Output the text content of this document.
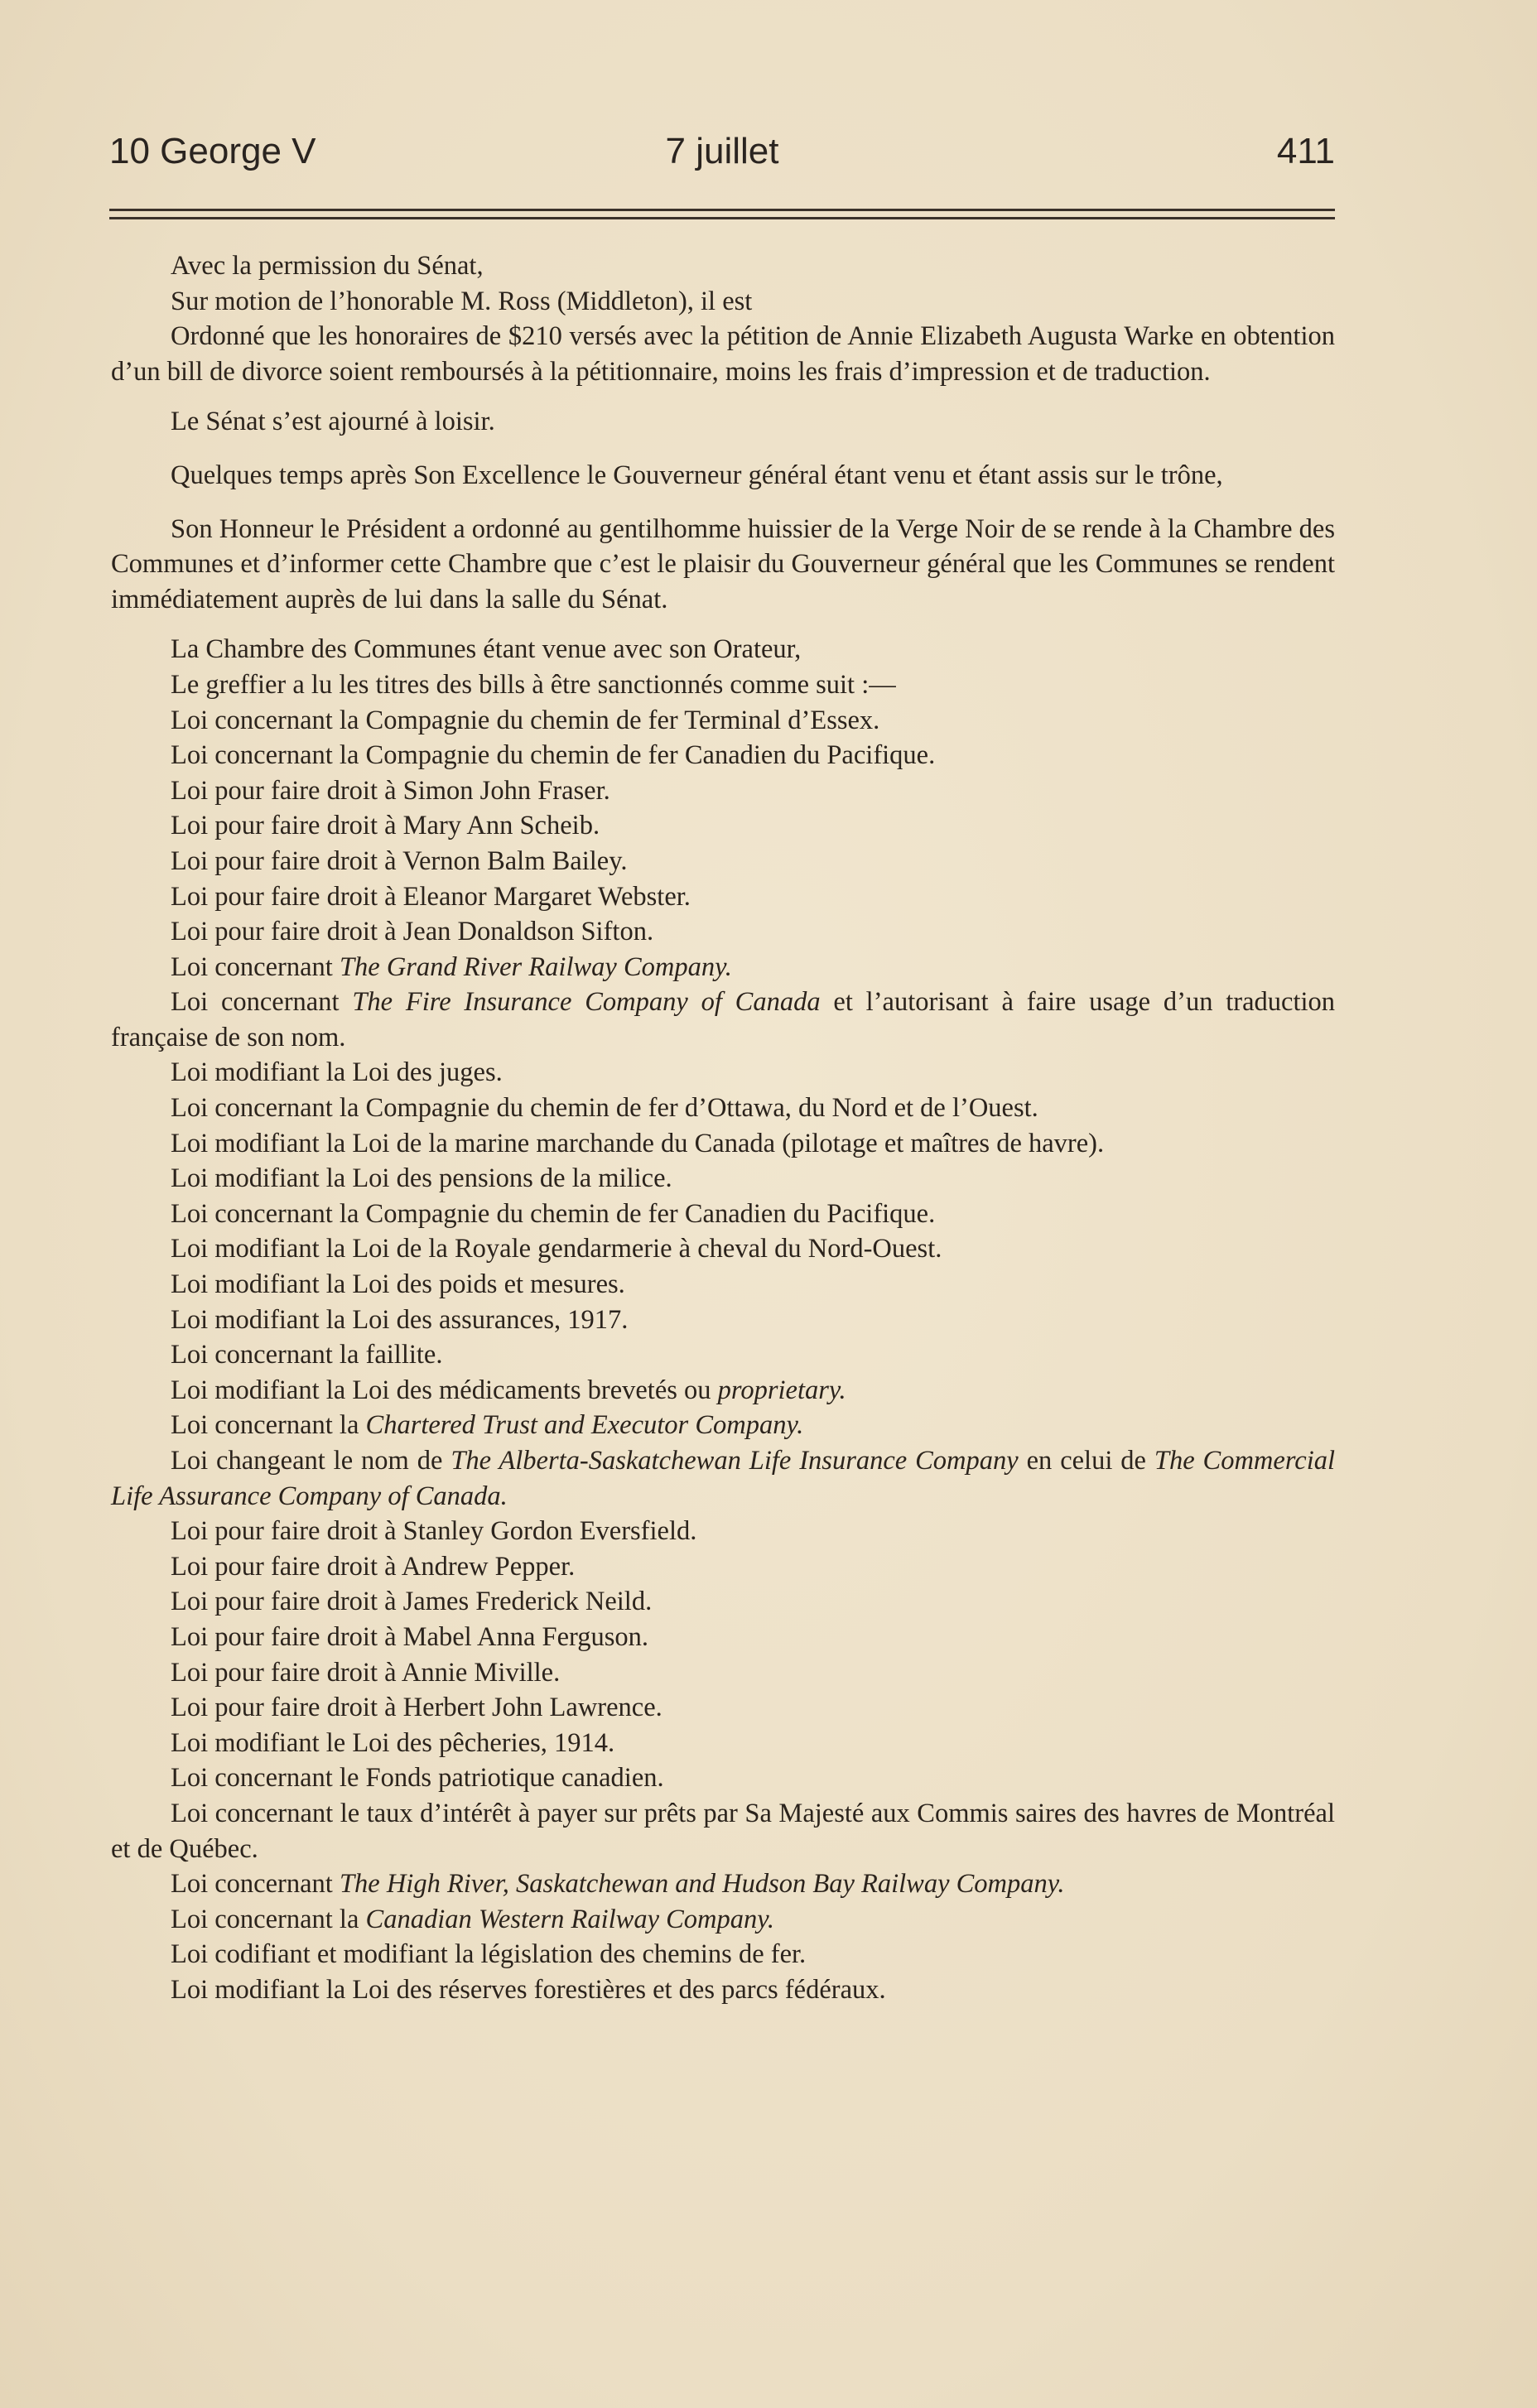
10 George V	7 juillet	411

Avec la permission du Sénat,

Sur motion de l’honorable M. Ross (Middleton), il est

Ordonné que les honoraires de $210 versés avec la pétition de Annie Elizabeth Augusta Warke en obtention d’un bill de divorce soient remboursés à la pétitionnaire, moins les frais d’impression et de traduction.

Le Sénat s’est ajourné à loisir.

Quelques temps après Son Excellence le Gouverneur général étant venu et étant assis sur le trône,

Son Honneur le Président a ordonné au gentilhomme huissier de la Verge Noir de se rende à la Chambre des Communes et d’informer cette Chambre que c’est le plaisir du Gouverneur général que les Communes se rendent immédiatement auprès de lui dans la salle du Sénat.

La Chambre des Communes étant venue avec son Orateur,

Le greffier a lu les titres des bills à être sanctionnés comme suit :—

Loi concernant la Compagnie du chemin de fer Terminal d’Essex.

Loi concernant la Compagnie du chemin de fer Canadien du Pacifique.

Loi pour faire droit à Simon John Fraser.

Loi pour faire droit à Mary Ann Scheib.

Loi pour faire droit à Vernon Balm Bailey.

Loi pour faire droit à Eleanor Margaret Webster.

Loi pour faire droit à Jean Donaldson Sifton.

Loi concernant The Grand River Railway Company.

Loi concernant The Fire Insurance Company of Canada et l’autorisant à faire usage d’un traduction française de son nom.

Loi modifiant la Loi des juges.

Loi concernant la Compagnie du chemin de fer d’Ottawa, du Nord et de l’Ouest.

Loi modifiant la Loi de la marine marchande du Canada (pilotage et maîtres de havre).

Loi modifiant la Loi des pensions de la milice.

Loi concernant la Compagnie du chemin de fer Canadien du Pacifique.

Loi modifiant la Loi de la Royale gendarmerie à cheval du Nord-Ouest.

Loi modifiant la Loi des poids et mesures.

Loi modifiant la Loi des assurances, 1917.

Loi concernant la faillite.

Loi modifiant la Loi des médicaments brevetés ou proprietary.

Loi concernant la Chartered Trust and Executor Company.

Loi changeant le nom de The Alberta-Saskatchewan Life Insurance Company en celui de The Commercial Life Assurance Company of Canada.

Loi pour faire droit à Stanley Gordon Eversfield.

Loi pour faire droit à Andrew Pepper.

Loi pour faire droit à James Frederick Neild.

Loi pour faire droit à Mabel Anna Ferguson.

Loi pour faire droit à Annie Miville.

Loi pour faire droit à Herbert John Lawrence.

Loi modifiant le Loi des pêcheries, 1914.

Loi concernant le Fonds patriotique canadien.

Loi concernant le taux d’intérêt à payer sur prêts par Sa Majesté aux Commis saires des havres de Montréal et de Québec.

Loi concernant The High River, Saskatchewan and Hudson Bay Railway Company.

Loi concernant la Canadian Western Railway Company.

Loi codifiant et modifiant la législation des chemins de fer.

Loi modifiant la Loi des réserves forestières et des parcs fédéraux.
